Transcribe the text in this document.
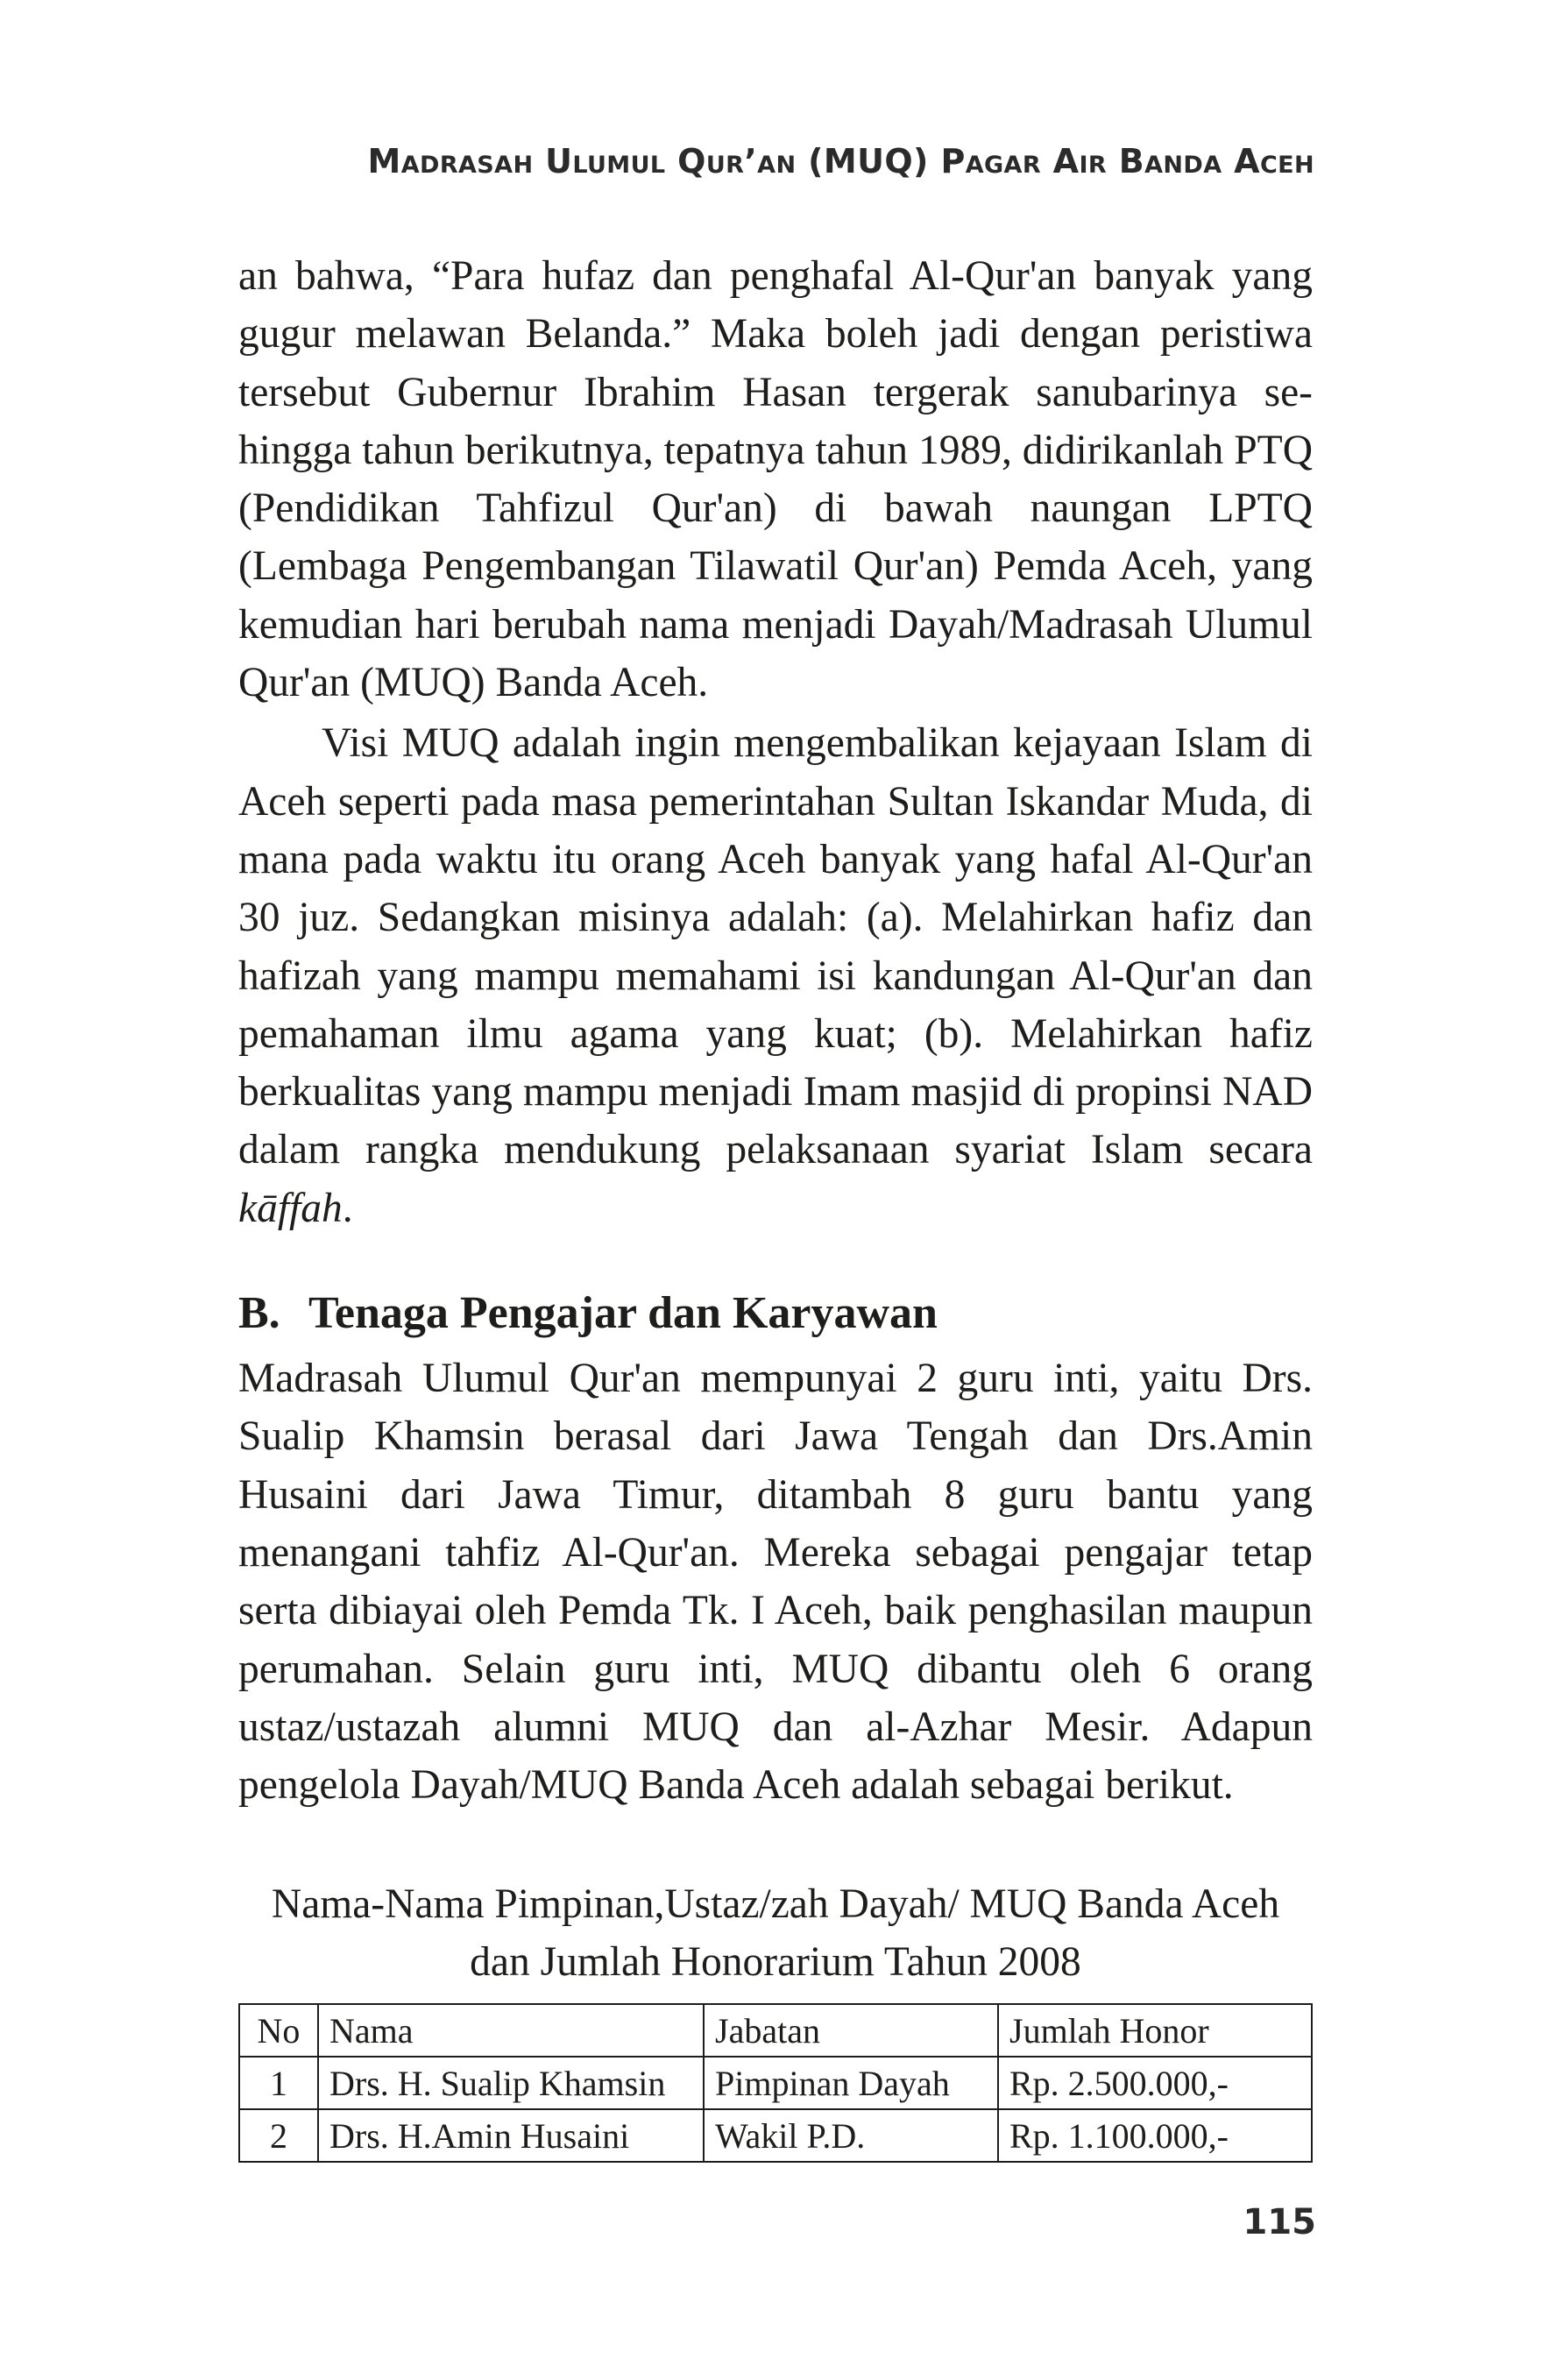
Madrasah Ulumul Qur’an (MUQ) Pagar Air Banda Aceh

an bahwa, “Para hufaz dan penghafal Al-Qur'an banyak yang gugur melawan Belanda.” Maka boleh jadi dengan peristiwa tersebut Gubernur Ibrahim Hasan tergerak sanubarinya se-hingga tahun berikutnya, tepatnya tahun 1989, didirikanlah PTQ (Pendidikan Tahfizul Qur'an) di bawah naungan LPTQ (Lembaga Pengembangan Tilawatil Qur'an) Pemda Aceh, yang kemudian hari berubah nama menjadi Dayah/Madrasah Ulumul Qur'an (MUQ) Banda Aceh.

Visi MUQ adalah ingin mengembalikan kejayaan Islam di Aceh seperti pada masa pemerintahan Sultan Iskandar Muda, di mana pada waktu itu orang Aceh banyak yang hafal Al-Qur'an 30 juz. Sedangkan misinya adalah: (a). Melahirkan hafiz dan hafizah yang mampu memahami isi kandungan Al-Qur'an dan pemahaman ilmu agama yang kuat; (b). Melahirkan hafiz berkualitas yang mampu menjadi Imam masjid di propinsi NAD dalam rangka mendukung pelaksanaan syariat Islam secara kāffah.

B. Tenaga Pengajar dan Karyawan

Madrasah Ulumul Qur'an mempunyai 2 guru inti, yaitu Drs. Sualip Khamsin berasal dari Jawa Tengah dan Drs.Amin Husaini dari Jawa Timur, ditambah 8 guru bantu yang menangani tahfiz Al-Qur'an. Mereka sebagai pengajar tetap serta dibiayai oleh Pemda Tk. I Aceh, baik penghasilan maupun perumahan. Selain guru inti, MUQ dibantu oleh 6 orang ustaz/ustazah alumni MUQ dan al-Azhar Mesir. Adapun pengelola Dayah/MUQ Banda Aceh adalah sebagai berikut.

Nama-Nama Pimpinan,Ustaz/zah Dayah/ MUQ Banda Aceh
dan Jumlah Honorarium Tahun 2008
No	Nama	Jabatan	Jumlah Honor
1	Drs. H. Sualip Khamsin	Pimpinan Dayah	Rp. 2.500.000,-
2	Drs. H.Amin Husaini	Wakil P.D.	Rp. 1.100.000,-
115
